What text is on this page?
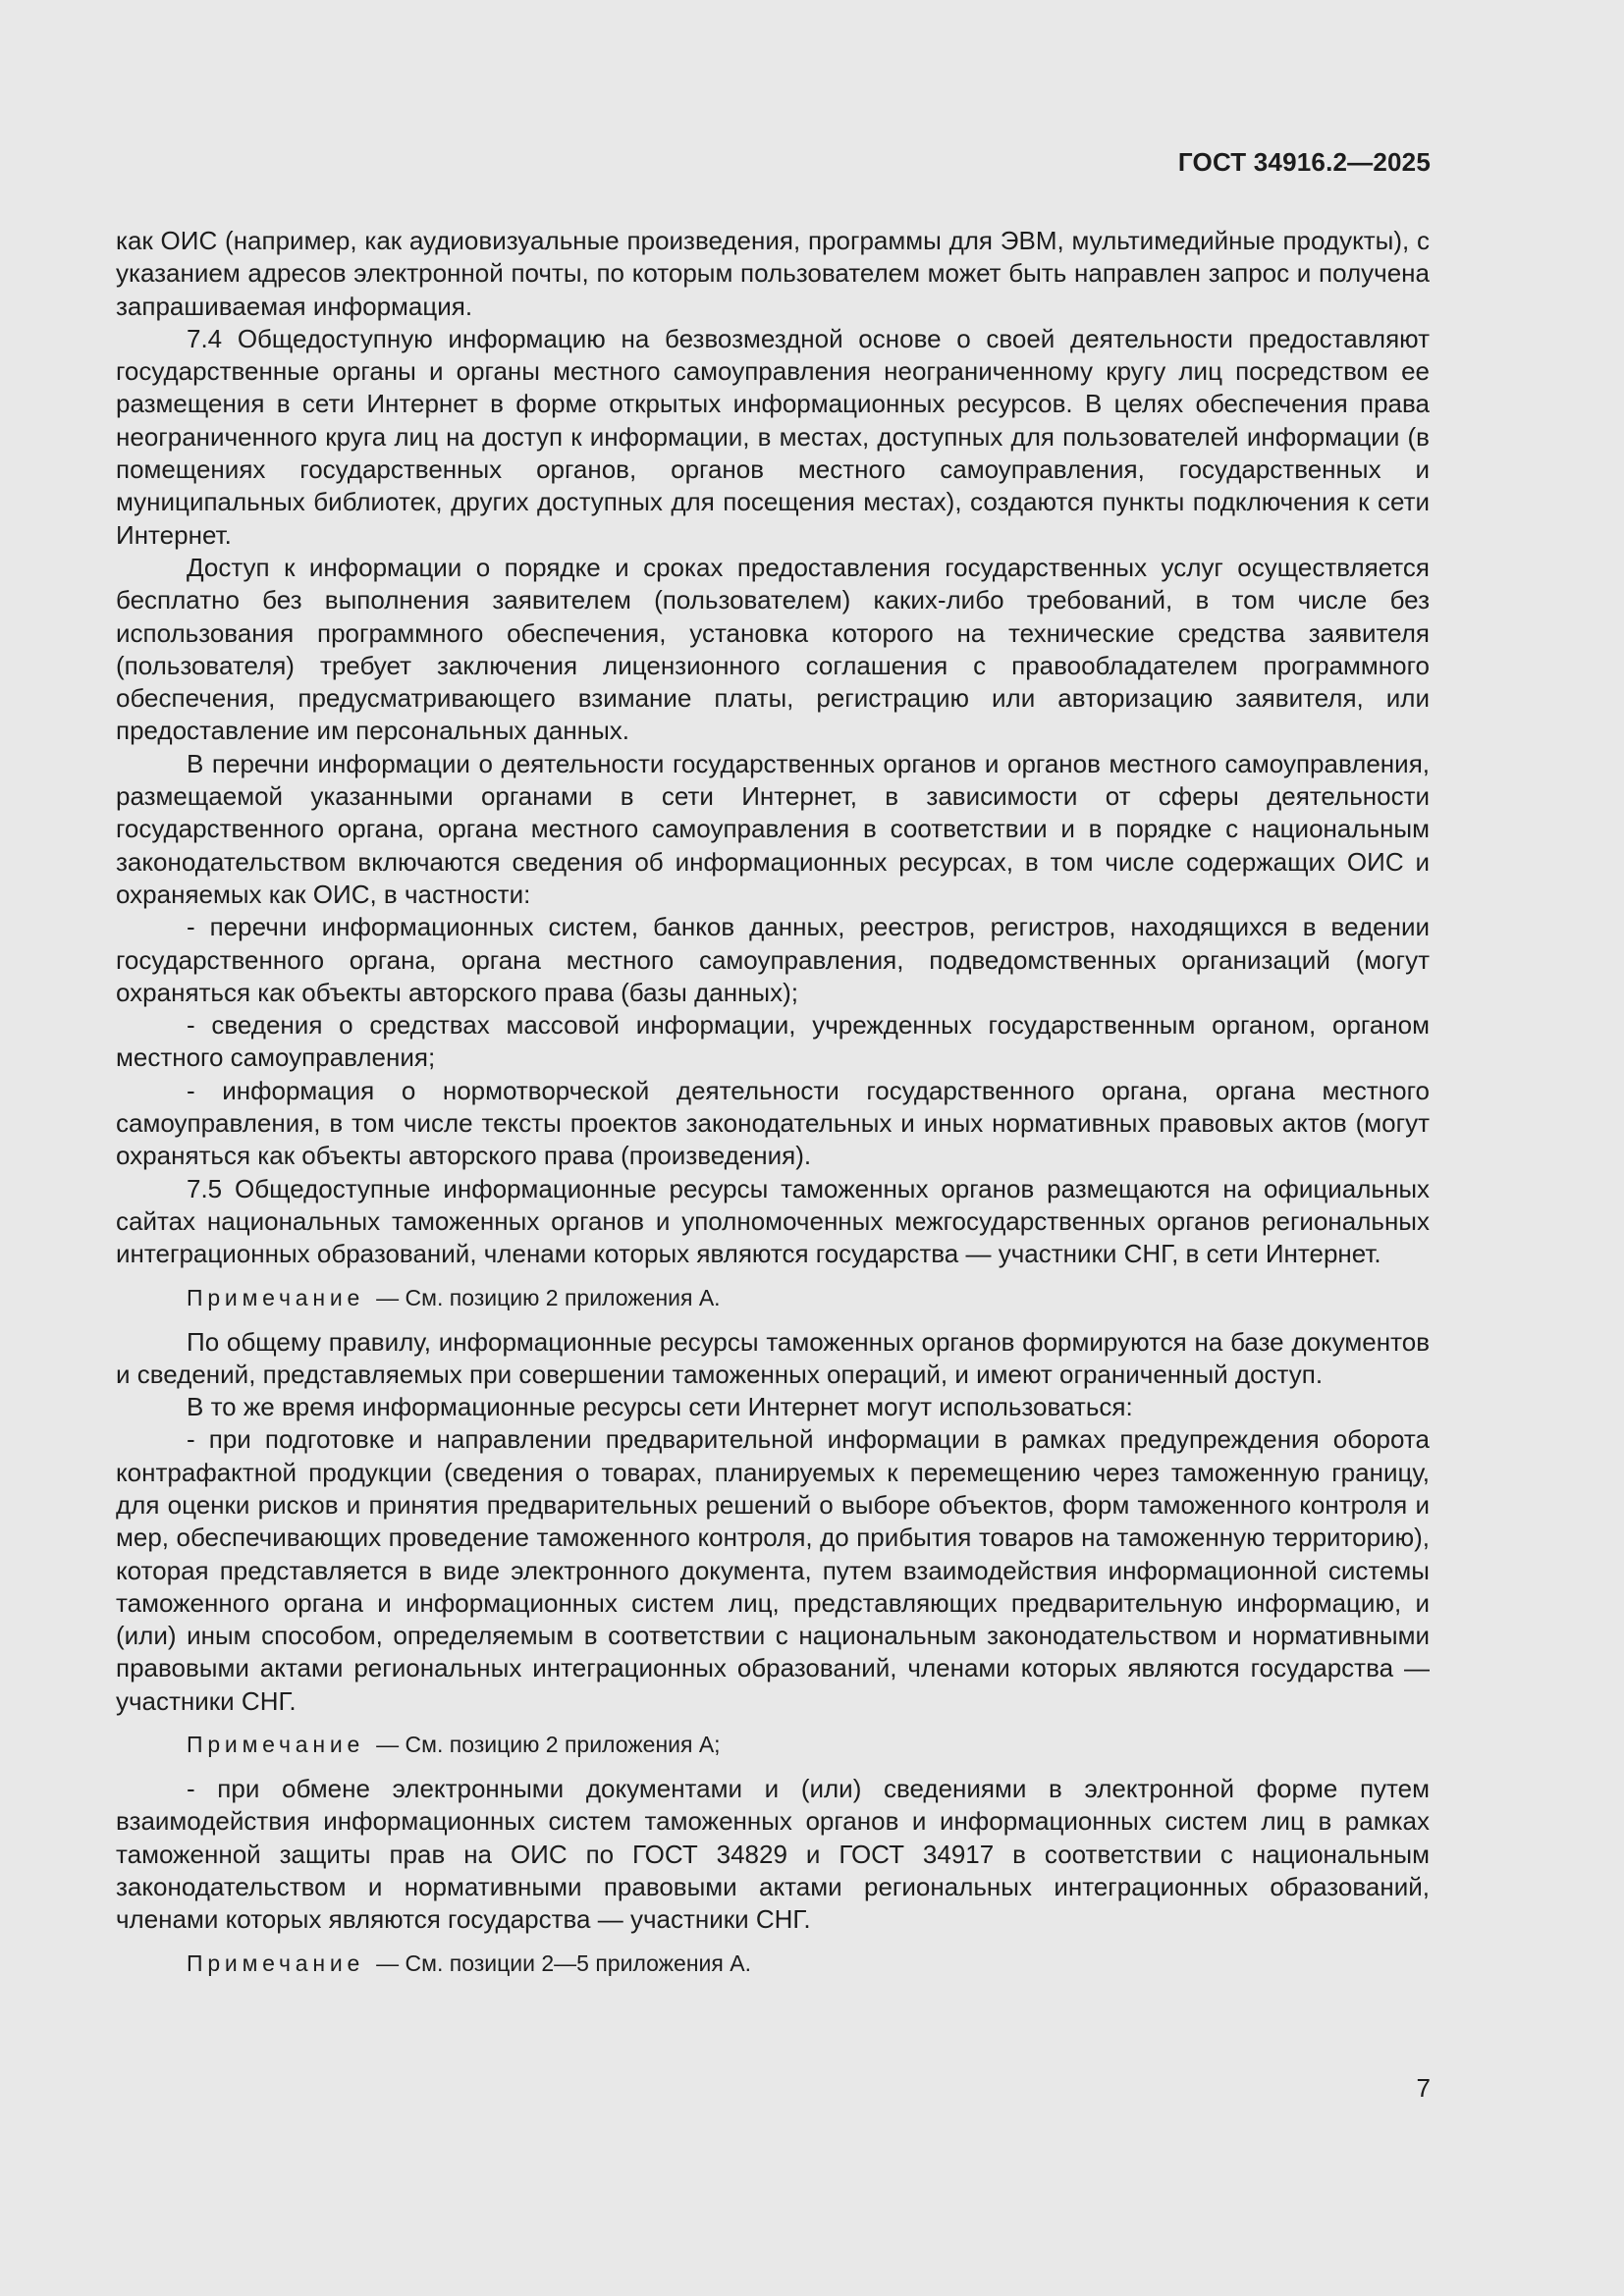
ГОСТ 34916.2—2025

как ОИС (например, как аудиовизуальные произведения, программы для ЭВМ, мультимедийные продукты), с указанием адресов электронной почты, по которым пользователем может быть направлен запрос и получена запрашиваемая информация.

7.4 Общедоступную информацию на безвозмездной основе о своей деятельности предоставляют государственные органы и органы местного самоуправления неограниченному кругу лиц посредством ее размещения в сети Интернет в форме открытых информационных ресурсов. В целях обеспечения права неограниченного круга лиц на доступ к информации, в местах, доступных для пользователей информации (в помещениях государственных органов, органов местного самоуправления, государственных и муниципальных библиотек, других доступных для посещения местах), создаются пункты подключения к сети Интернет.

Доступ к информации о порядке и сроках предоставления государственных услуг осуществляется бесплатно без выполнения заявителем (пользователем) каких-либо требований, в том числе без использования программного обеспечения, установка которого на технические средства заявителя (пользователя) требует заключения лицензионного соглашения с правообладателем программного обеспечения, предусматривающего взимание платы, регистрацию или авторизацию заявителя, или предоставление им персональных данных.

В перечни информации о деятельности государственных органов и органов местного самоуправления, размещаемой указанными органами в сети Интернет, в зависимости от сферы деятельности государственного органа, органа местного самоуправления в соответствии и в порядке с национальным законодательством включаются сведения об информационных ресурсах, в том числе содержащих ОИС и охраняемых как ОИС, в частности:

- перечни информационных систем, банков данных, реестров, регистров, находящихся в ведении государственного органа, органа местного самоуправления, подведомственных организаций (могут охраняться как объекты авторского права (базы данных);

- сведения о средствах массовой информации, учрежденных государственным органом, органом местного самоуправления;

- информация о нормотворческой деятельности государственного органа, органа местного самоуправления, в том числе тексты проектов законодательных и иных нормативных правовых актов (могут охраняться как объекты авторского права (произведения).

7.5 Общедоступные информационные ресурсы таможенных органов размещаются на официальных сайтах национальных таможенных органов и уполномоченных межгосударственных органов региональных интеграционных образований, членами которых являются государства — участники СНГ, в сети Интернет.

Примечание — См. позицию 2 приложения А.

По общему правилу, информационные ресурсы таможенных органов формируются на базе документов и сведений, представляемых при совершении таможенных операций, и имеют ограниченный доступ.

В то же время информационные ресурсы сети Интернет могут использоваться:

- при подготовке и направлении предварительной информации в рамках предупреждения оборота контрафактной продукции (сведения о товарах, планируемых к перемещению через таможенную границу, для оценки рисков и принятия предварительных решений о выборе объектов, форм таможенного контроля и мер, обеспечивающих проведение таможенного контроля, до прибытия товаров на таможенную территорию), которая представляется в виде электронного документа, путем взаимодействия информационной системы таможенного органа и информационных систем лиц, представляющих предварительную информацию, и (или) иным способом, определяемым в соответствии с национальным законодательством и нормативными правовыми актами региональных интеграционных образований, членами которых являются государства — участники СНГ.

Примечание — См. позицию 2 приложения А;

- при обмене электронными документами и (или) сведениями в электронной форме путем взаимодействия информационных систем таможенных органов и информационных систем лиц в рамках таможенной защиты прав на ОИС по ГОСТ 34829 и ГОСТ 34917 в соответствии с национальным законодательством и нормативными правовыми актами региональных интеграционных образований, членами которых являются государства — участники СНГ.

Примечание — См. позиции 2—5 приложения А.

7
